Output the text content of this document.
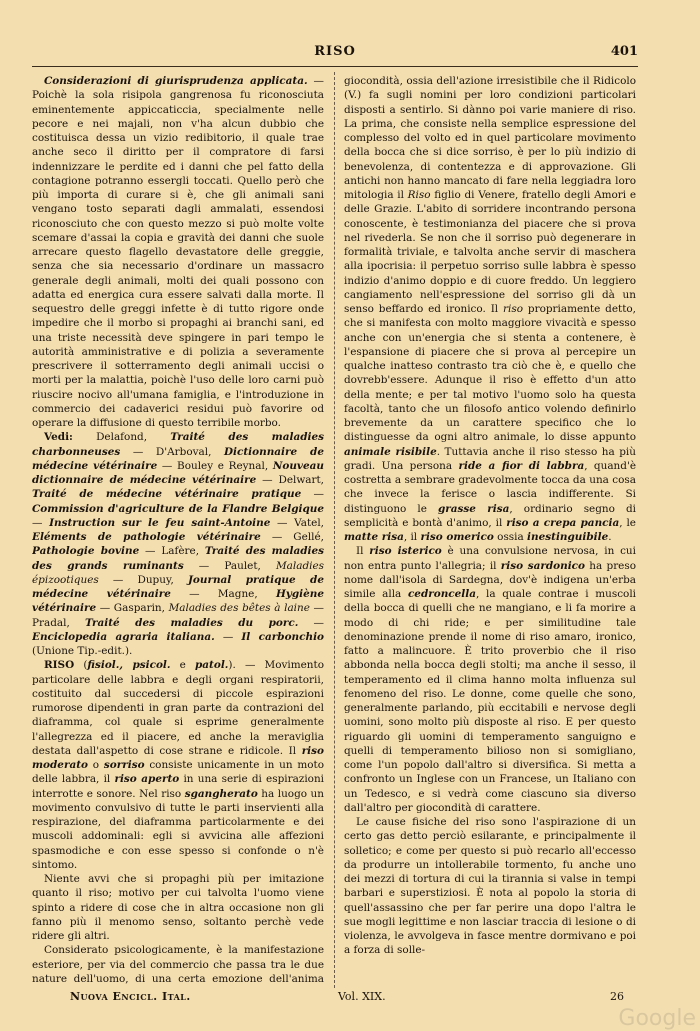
RISO	401

Considerazioni di giurisprudenza applicata. — Poichè la sola risipola gangrenosa fu riconosciuta eminentemente appiccaticcia, specialmente nelle pecore e nei majali, non v'ha alcun dubbio che costituisca dessa un vizio redibitorio, il quale trae anche seco il diritto per il compratore di farsi indennizzare le perdite ed i danni che pel fatto della contagione potranno essergli toccati. Quello però che più importa di curare si è, che gli animali sani vengano tosto separati dagli ammalati, essendosi riconosciuto che con questo mezzo si può molte volte scemare d'assai la copia e gravità dei danni che suole arrecare questo flagello devastatore delle greggie, senza che sia necessario d'ordinare un massacro generale degli animali, molti dei quali possono con adatta ed energica cura essere salvati dalla morte. Il sequestro delle greggi infette è di tutto rigore onde impedire che il morbo si propaghi ai branchi sani, ed una triste necessità deve spingere in pari tempo le autorità amministrative e di polizia a severamente prescrivere il sotterramento degli animali uccisi o morti per la malattia, poichè l'uso delle loro carni può riuscire nocivo all'umana famiglia, e l'introduzione in commercio dei cadaverici residui può favorire od operare la diffusione di questo terribile morbo.

Vedi: Delafond, Traité des maladies charbonneuses — D'Arboval, Dictionnaire de médecine vétérinaire — Bouley e Reynal, Nouveau dictionnaire de médecine vétérinaire — Delwart, Traité de médecine vétérinaire pratique — Commission d'agriculture de la Flandre Belgique — Instruction sur le feu saint-Antoine — Vatel, Eléments de pathologie vétérinaire — Gellé, Pathologie bovine — Lafère, Traité des maladies des grands ruminants — Paulet, Maladies épizootiques — Dupuy, Journal pratique de médecine vétérinaire — Magne, Hygiène vétérinaire — Gasparin, Maladies des bêtes à laine — Pradal, Traité des maladies du porc. — Enciclopedia agraria italiana. — Il carbonchio (Unione Tip.-edit.).

RISO (fisiol., psicol. e patol.). — Movimento particolare delle labbra e degli organi respiratorii, costituito dal succedersi di piccole espirazioni rumorose dipendenti in gran parte da contrazioni del diaframma, col quale si esprime generalmente l'allegrezza ed il piacere, ed anche la meraviglia destata dall'aspetto di cose strane e ridicole. Il riso moderato o sorriso consiste unicamente in un moto delle labbra, il riso aperto in una serie di espirazioni interrotte e sonore. Nel riso sgangherato ha luogo un movimento convulsivo di tutte le parti inservienti alla respirazione, del diaframma particolarmente e dei muscoli addominali: egli si avvicina alle affezioni spasmodiche e con esse spesso si confonde o n'è sintomo.

Niente avvi che si propaghi più per imitazione quanto il riso; motivo per cui talvolta l'uomo viene spinto a ridere di cose che in altra occasione non gli fanno più il menomo senso, soltanto perchè vede ridere gli altri.

Considerato psicologicamente, è la manifestazione esteriore, per via del commercio che passa tra le due nature dell'uomo, di una certa emozione dell'anima

giocondità, ossia dell'azione irresistibile che il Ridicolo (V.) fa sugli nomini per loro condizioni particolari disposti a sentirlo. Si dànno poi varie maniere di riso. La prima, che consiste nella semplice espressione del complesso del volto ed in quel particolare movimento della bocca che si dice sorriso, è per lo più indizio di benevolenza, di contentezza e di approvazione. Gli antichi non hanno mancato di fare nella leggiadra loro mitologia il Riso figlio di Venere, fratello degli Amori e delle Grazie. L'abito di sorridere incontrando persona conoscente, è testimonianza del piacere che si prova nel rivederla. Se non che il sorriso può degenerare in formalità triviale, e talvolta anche servir di maschera alla ipocrisia: il perpetuo sorriso sulle labbra è spesso indizio d'animo doppio e di cuore freddo. Un leggiero cangiamento nell'espressione del sorriso gli dà un senso beffardo ed ironico. Il riso propriamente detto, che si manifesta con molto maggiore vivacità e spesso anche con un'energia che si stenta a contenere, è l'espansione di piacere che si prova al percepire un qualche inatteso contrasto tra ciò che è, e quello che dovrebb'essere. Adunque il riso è effetto d'un atto della mente; e per tal motivo l'uomo solo ha questa facoltà, tanto che un filosofo antico volendo definirlo brevemente da un carattere specifico che lo distinguesse da ogni altro animale, lo disse appunto animale risibile. Tuttavia anche il riso stesso ha più gradi. Una persona ride a fior di labbra, quand'è costretta a sembrare gradevolmente tocca da una cosa che invece la ferisce o lascia indifferente. Si distinguono le grasse risa, ordinario segno di semplicità e bontà d'animo, il riso a crepa pancia, le matte risa, il riso omerico ossia inestinguibile.

Il riso isterico è una convulsione nervosa, in cui non entra punto l'allegria; il riso sardonico ha preso nome dall'isola di Sardegna, dov'è indigena un'erba simile alla cedroncella, la quale contrae i muscoli della bocca di quelli che ne mangiano, e li fa morire a modo di chi ride; e per similitudine tale denominazione prende il nome di riso amaro, ironico, fatto a malincuore. È trito proverbio che il riso abbonda nella bocca degli stolti; ma anche il sesso, il temperamento ed il clima hanno molta influenza sul fenomeno del riso. Le donne, come quelle che sono, generalmente parlando, più eccitabili e nervose degli uomini, sono molto più disposte al riso. E per questo riguardo gli uomini di temperamento sanguigno e quelli di temperamento bilioso non si somigliano, come l'un popolo dall'altro si diversifica. Si metta a confronto un Inglese con un Francese, un Italiano con un Tedesco, e si vedrà come ciascuno sia diverso dall'altro per giocondità di carattere.

Le cause fisiche del riso sono l'aspirazione di un certo gas detto perciò esilarante, e principalmente il solletico; e come per questo si può recarlo all'eccesso da produrre un intollerabile tormento, fu anche uno dei mezzi di tortura di cui la tirannia si valse in tempi barbari e superstiziosi. È nota al popolo la storia di quell'assassino che per far perire una dopo l'altra le sue mogli legittime e non lasciar traccia di lesione o di violenza, le avvolgeva in fasce mentre dormivano e poi a forza di solle-

Nuova Encicl. Ital.	Vol. XIX.	26
Google
